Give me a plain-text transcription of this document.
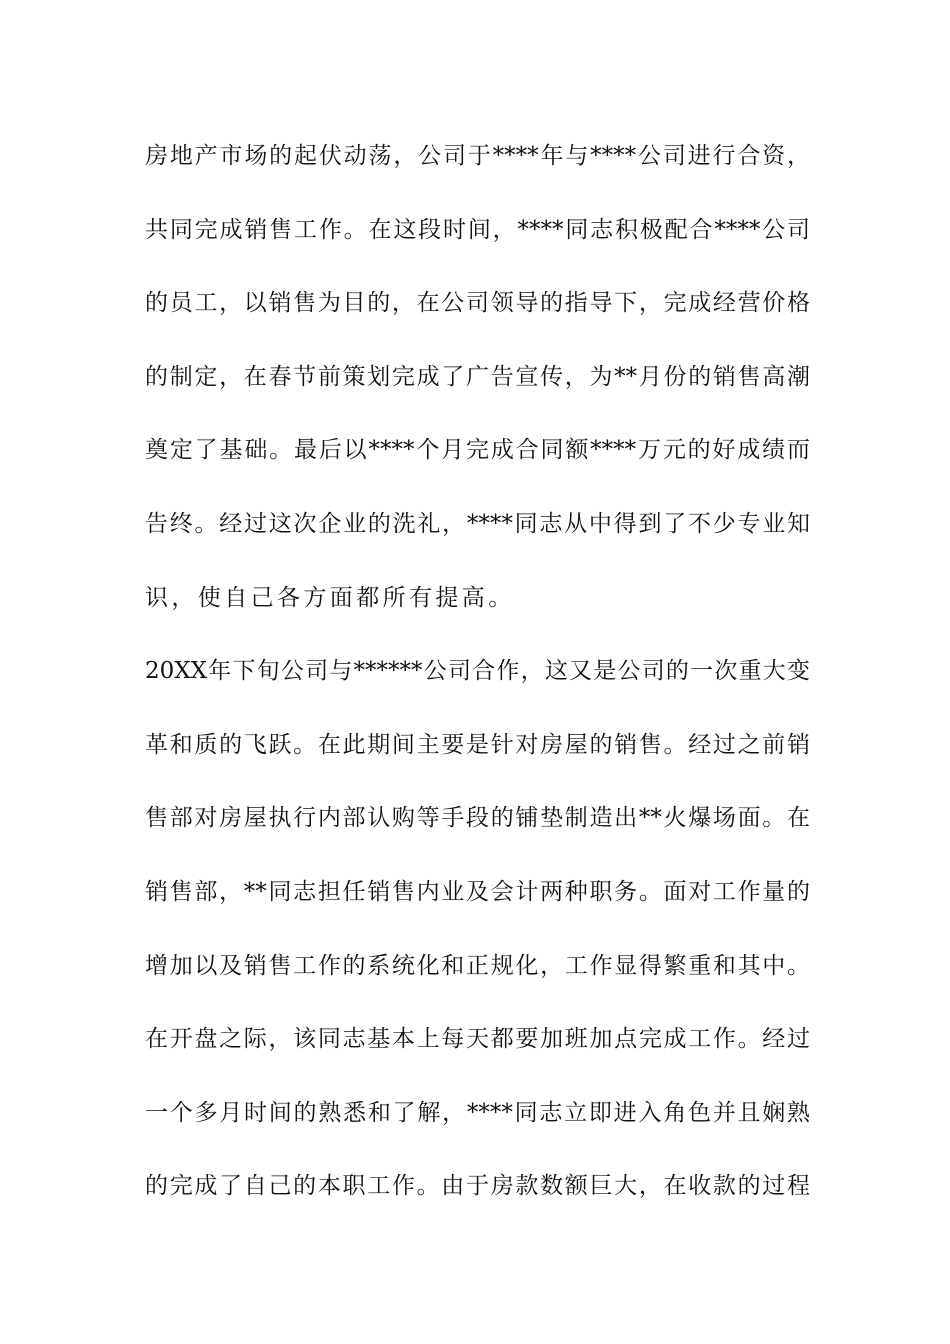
房地产市场的起伏动荡，公司于****年与****公司进行合资，
共同完成销售工作。在这段时间，****同志积极配合****公司
的员工，以销售为目的，在公司领导的指导下，完成经营价格
的制定，在春节前策划完成了广告宣传，为**月份的销售高潮
奠定了基础。最后以****个月完成合同额****万元的好成绩而
告终。经过这次企业的洗礼，****同志从中得到了不少专业知
识，使自己各方面都所有提高。
20XX年下旬公司与******公司合作，这又是公司的一次重大变
革和质的飞跃。在此期间主要是针对房屋的销售。经过之前销
售部对房屋执行内部认购等手段的铺垫制造出**火爆场面。在
销售部，**同志担任销售内业及会计两种职务。面对工作量的
增加以及销售工作的系统化和正规化，工作显得繁重和其中。
在开盘之际，该同志基本上每天都要加班加点完成工作。经过
一个多月时间的熟悉和了解，****同志立即进入角色并且娴熟
的完成了自己的本职工作。由于房款数额巨大，在收款的过程
